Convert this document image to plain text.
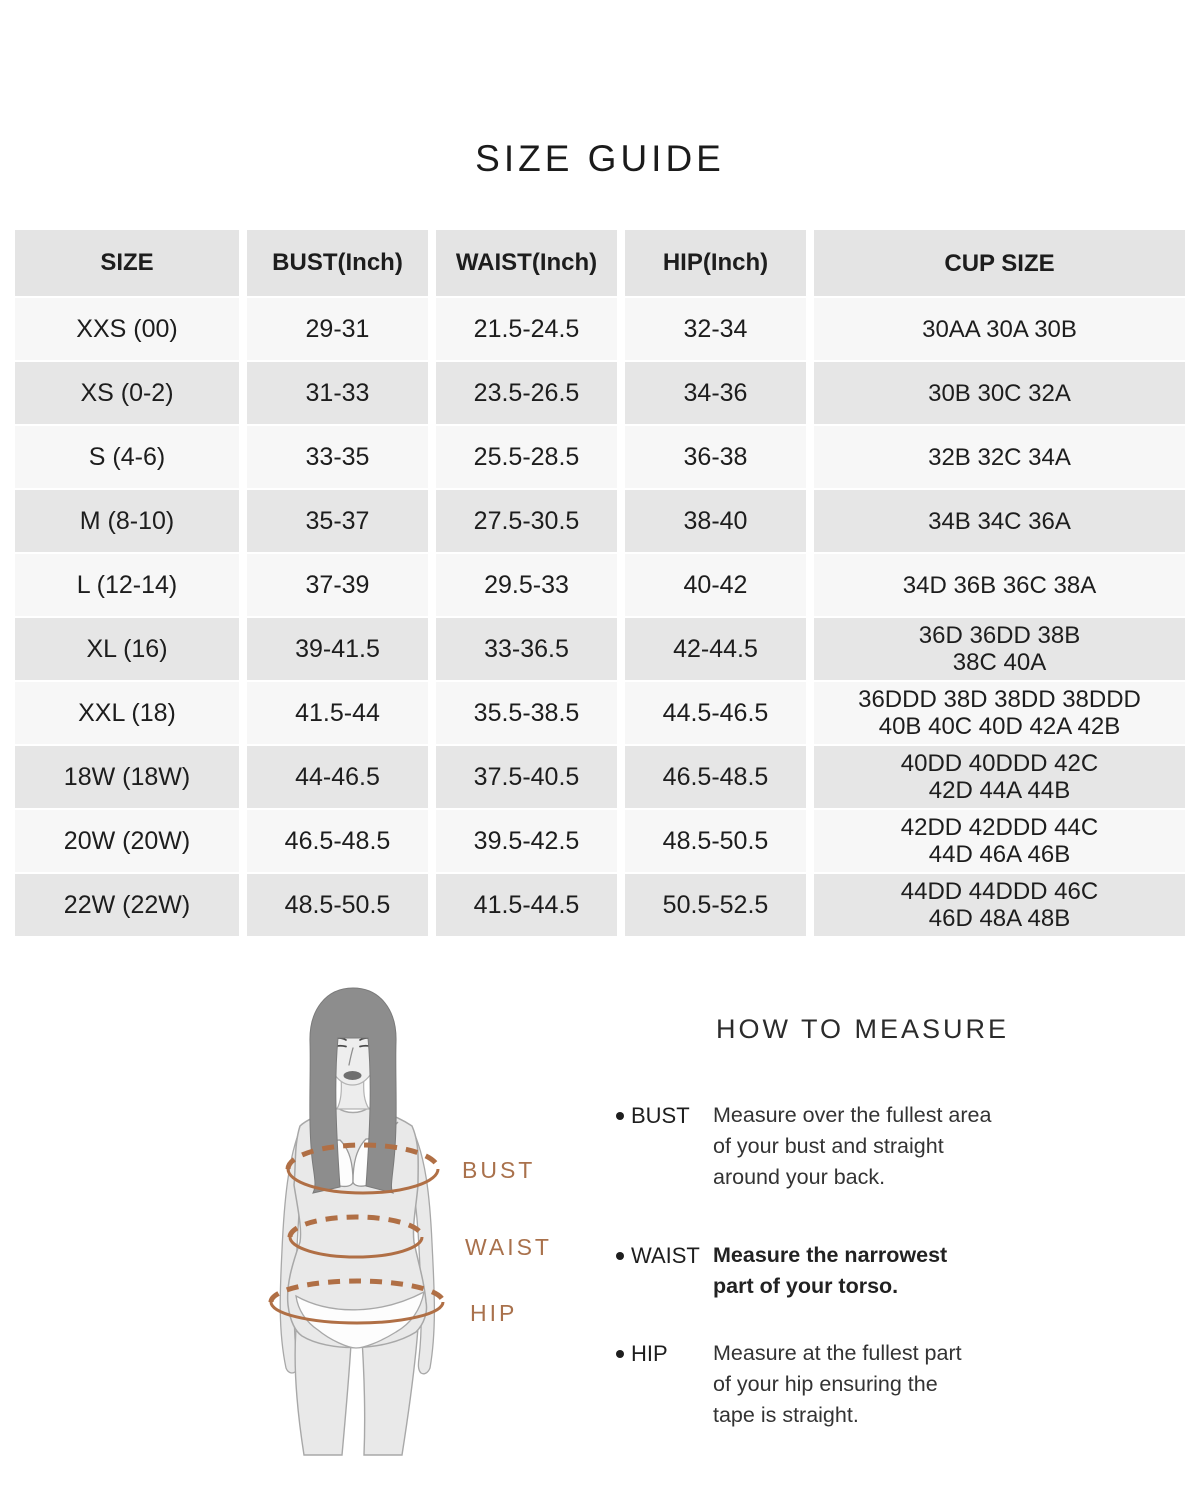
SIZE GUIDE
SIZE	BUST(Inch)	WAIST(Inch)	HIP(Inch)	CUP SIZE
XXS (00)	29-31	21.5-24.5	32-34	30AA 30A 30B
XS (0-2)	31-33	23.5-26.5	34-36	30B 30C 32A
S (4-6)	33-35	25.5-28.5	36-38	32B 32C 34A
M (8-10)	35-37	27.5-30.5	38-40	34B 34C 36A
L (12-14)	37-39	29.5-33	40-42	34D 36B 36C 38A
XL (16)	39-41.5	33-36.5	42-44.5	36D 36DD 38B
38C 40A
XXL (18)	41.5-44	35.5-38.5	44.5-46.5	36DDD 38D 38DD 38DDD
40B 40C 40D 42A 42B
18W (18W)	44-46.5	37.5-40.5	46.5-48.5	40DD 40DDD 42C
42D 44A 44B
20W (20W)	46.5-48.5	39.5-42.5	48.5-50.5	42DD 42DDD 44C
44D 46A 46B
22W (22W)	48.5-50.5	41.5-44.5	50.5-52.5	44DD 44DDD 46C
46D 48A 48B
BUST
WAIST
HIP
HOW TO MEASURE
BUST Measure over the fullest area
of your bust and straight
around your back.
WAIST Measure the narrowest
part of your torso.
HIP Measure at the fullest part
of your hip ensuring the
tape is straight.
